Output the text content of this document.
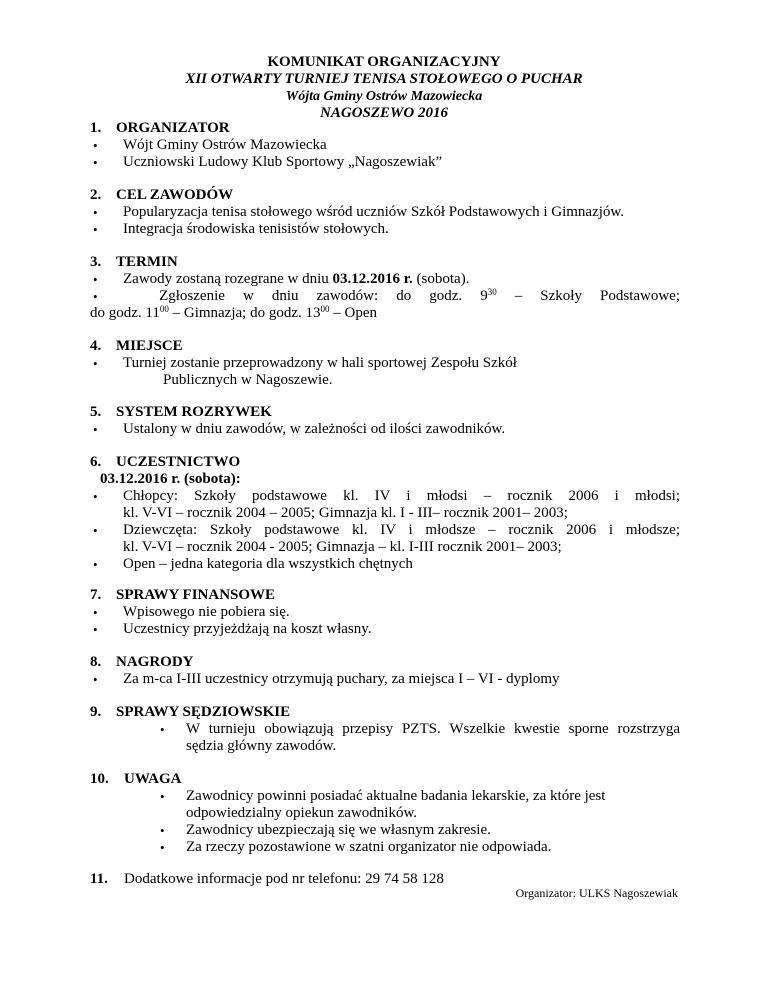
KOMUNIKAT ORGANIZACYJNY
XII OTWARTY TURNIEJ TENISA STOŁOWEGO O PUCHAR
Wójta Gminy Ostrów Mazowiecka
NAGOSZEWO 2016
1. ORGANIZATOR
• Wójt Gminy Ostrów Mazowiecka
• Uczniowski Ludowy Klub Sportowy „Nagoszewiak”
2. CEL ZAWODÓW
• Popularyzacja tenisa stołowego wśród uczniów Szkół Podstawowych i Gimnazjów.
• Integracja środowiska tenisistów stołowych.
3. TERMIN
• Zawody zostaną rozegrane w dniu 03.12.2016 r. (sobota).
• Zgłoszenie w dniu zawodów: do godz. $9^{30}$ – Szkoły Podstawowe;
do godz. $11^{00}$ – Gimnazja; do godz. $13^{00}$ – Open
4. MIEJSCE
• Turniej zostanie przeprowadzony w hali sportowej Zespołu Szkół
Publicznych w Nagoszewie.
5. SYSTEM ROZRYWEK
• Ustalony w dniu zawodów, w zależności od ilości zawodników.
6. UCZESTNICTWO
03.12.2016 r. (sobota):
• Chłopcy: Szkoły podstawowe kl. IV i młodsi – rocznik 2006 i młodsi;
kl. V-VI – rocznik 2004 – 2005; Gimnazja kl. I - III– rocznik 2001– 2003;
• Dziewczęta: Szkoły podstawowe kl. IV i młodsze – rocznik 2006 i młodsze;
kl. V-VI – rocznik 2004 - 2005; Gimnazja – kl. I-III rocznik 2001– 2003;
• Open – jedna kategoria dla wszystkich chętnych
7. SPRAWY FINANSOWE
• Wpisowego nie pobiera się.
• Uczestnicy przyjeżdżają na koszt własny.
8. NAGRODY
• Za m-ca I-III uczestnicy otrzymują puchary, za miejsca I – VI - dyplomy
9. SPRAWY SĘDZIOWSKIE
• W turnieju obowiązują przepisy PZTS. Wszelkie kwestie sporne rozstrzyga
sędzia główny zawodów.
10. UWAGA
• Zawodnicy powinni posiadać aktualne badania lekarskie, za które jest
odpowiedzialny opiekun zawodników.
• Zawodnicy ubezpieczają się we własnym zakresie.
• Za rzeczy pozostawione w szatni organizator nie odpowiada.
11. Dodatkowe informacje pod nr telefonu: 29 74 58 128
Organizator: ULKS Nagoszewiak
